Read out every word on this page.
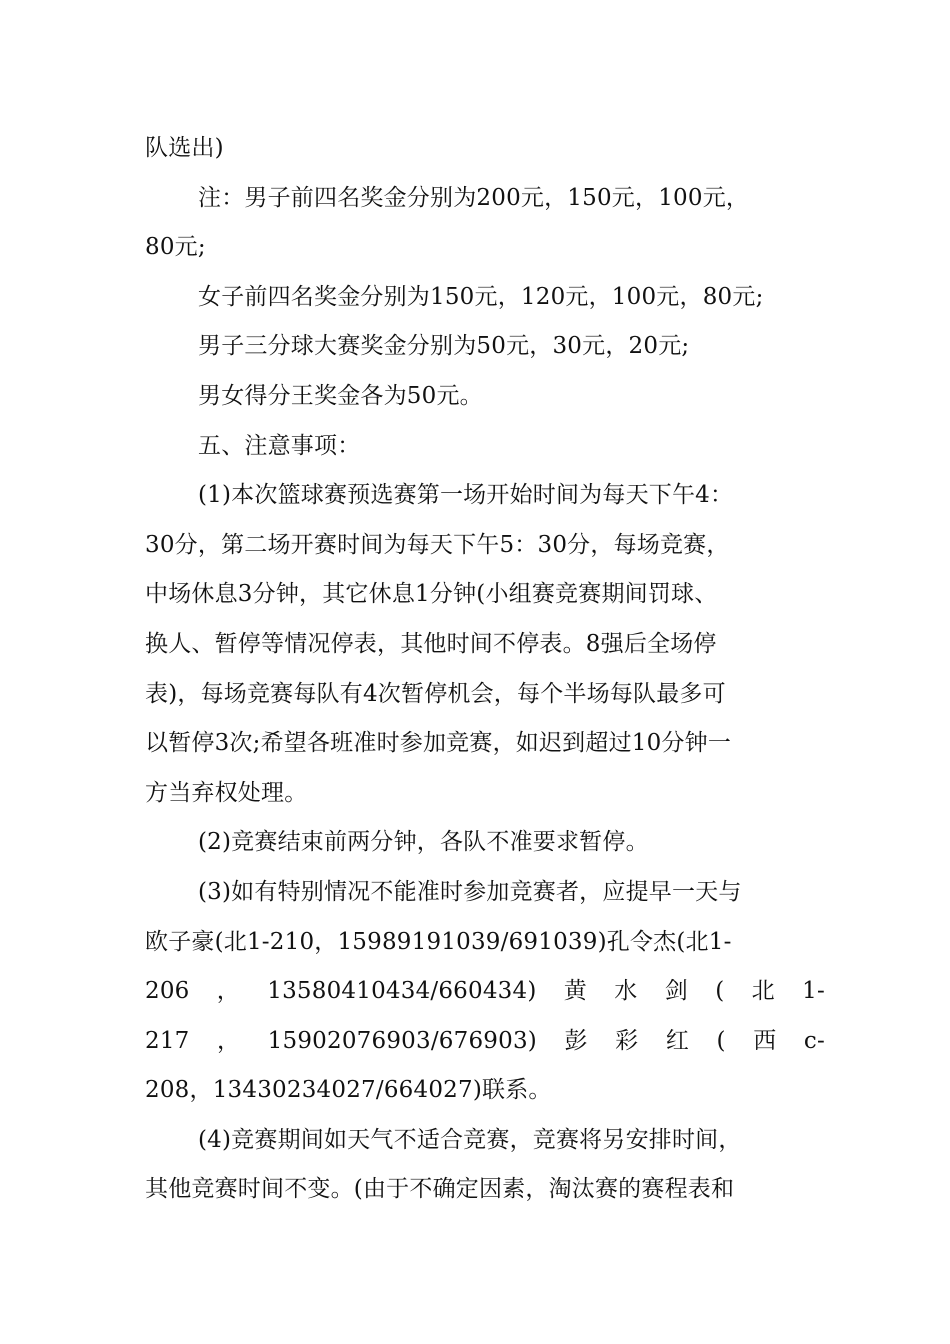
队选出)
注：男子前四名奖金分别为200元，150元，100元，
80元;
女子前四名奖金分别为150元，120元，100元，80元;
男子三分球大赛奖金分别为50元，30元，20元;
男女得分王奖金各为50元。
五、注意事项：
(1)本次篮球赛预选赛第一场开始时间为每天下午4：
30分，第二场开赛时间为每天下午5：30分，每场竞赛，
中场休息3分钟，其它休息1分钟(小组赛竞赛期间罚球、
换人、暂停等情况停表，其他时间不停表。8强后全场停
表)，每场竞赛每队有4次暂停机会，每个半场每队最多可
以暂停3次;希望各班准时参加竞赛，如迟到超过10分钟一
方当弃权处理。
(2)竞赛结束前两分钟，各队不准要求暂停。
(3)如有特别情况不能准时参加竞赛者，应提早一天与
欧子豪(北1-210，15989191039/691039)孔令杰(北1-
206 ， 13580410434/660434) 黄 水 剑 ( 北 1-
217 ， 15902076903/676903) 彭 彩 红 ( 西 c-
208，13430234027/664027)联系。
(4)竞赛期间如天气不适合竞赛，竞赛将另安排时间，
其他竞赛时间不变。(由于不确定因素，淘汰赛的赛程表和
